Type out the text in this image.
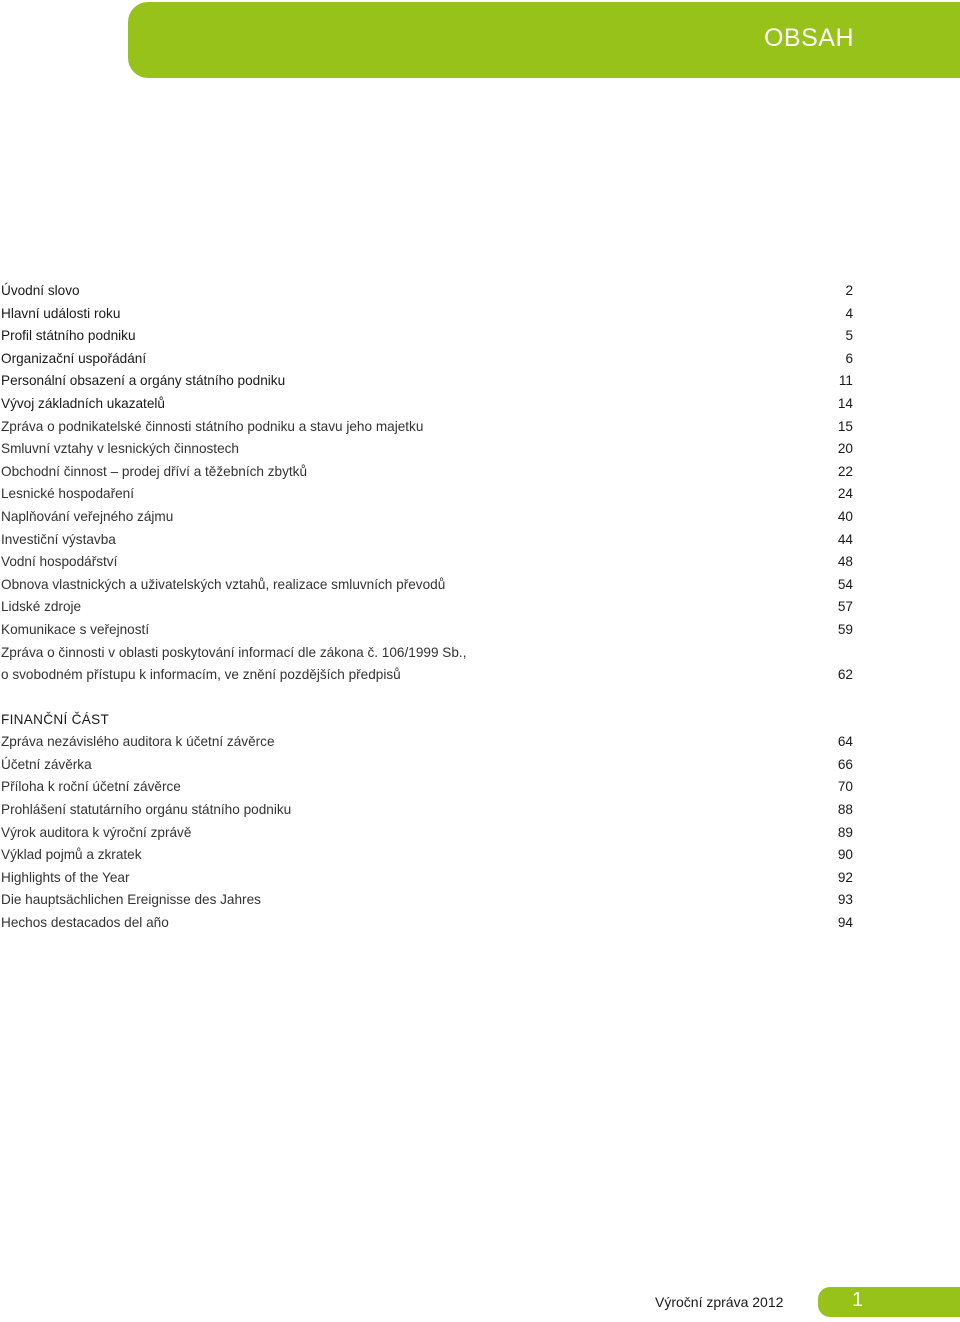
OBSAH
Úvodní slovo	2
Hlavní události roku	4
Profil státního podniku	5
Organizační uspořádání	6
Personální obsazení a orgány státního podniku	11
Vývoj základních ukazatelů	14
Zpráva o podnikatelské činnosti státního podniku a stavu jeho majetku	15
Smluvní vztahy v lesnických činnostech	20
Obchodní činnost – prodej dříví a těžebních zbytků	22
Lesnické hospodaření	24
Naplňování veřejného zájmu	40
Investiční výstavba	44
Vodní hospodářství	48
Obnova vlastnických a uživatelských vztahů, realizace smluvních převodů	54
Lidské zdroje	57
Komunikace s veřejností	59
Zpráva o činnosti v oblasti poskytování informací dle zákona č. 106/1999 Sb.,
o svobodném přístupu k informacím, ve znění pozdějších předpisů	62
FINANČNÍ ČÁST
Zpráva nezávislého auditora k účetní závěrce	64
Účetní závěrka	66
Příloha k roční účetní závěrce	70
Prohlášení statutárního orgánu státního podniku	88
Výrok auditora k výroční zprávě	89
Výklad pojmů a zkratek	90
Highlights of the Year	92
Die hauptsächlichen Ereignisse des Jahres	93
Hechos destacados del año	94
Výroční zpráva 2012	1
